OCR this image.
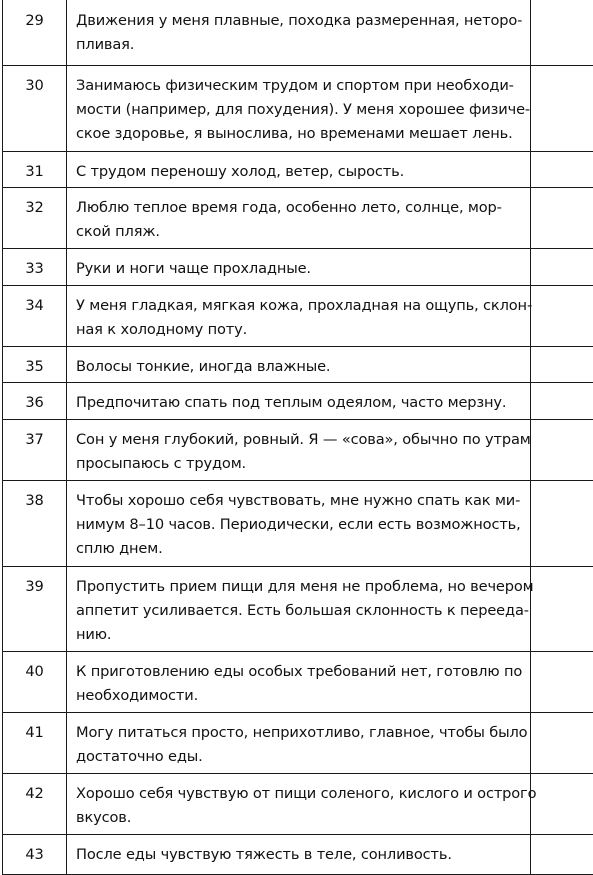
29	Движения у меня плавные, походка размеренная, неторо-
пливая.	

30	Занимаюсь физическим трудом и спортом при необходи-
мости (например, для похудения). У меня хорошее физиче-
ское здоровье, я вынослива, но временами мешает лень.	

31	С трудом переношу холод, ветер, сырость.	

32	Люблю теплое время года, особенно лето, солнце, мор-
ской пляж.	

33	Руки и ноги чаще прохладные.	

34	У меня гладкая, мягкая кожа, прохладная на ощупь, склон-
ная к холодному поту.	

35	Волосы тонкие, иногда влажные.	

36	Предпочитаю спать под теплым одеялом, часто мерзну.	

37	Сон у меня глубокий, ровный. Я — «сова», обычно по утрам
просыпаюсь с трудом.	

38	Чтобы хорошо себя чувствовать, мне нужно спать как ми-
нимум 8–10 часов. Периодически, если есть возможность,
сплю днем.	

39	Пропустить прием пищи для меня не проблема, но вечером
аппетит усиливается. Есть большая склонность к перееда-
нию.	

40	К приготовлению еды особых требований нет, готовлю по
необходимости.	

41	Могу питаться просто, неприхотливо, главное, чтобы было
достаточно еды.	

42	Хорошо себя чувствую от пищи соленого, кислого и острого
вкусов.	

43	После еды чувствую тяжесть в теле, сонливость.	
